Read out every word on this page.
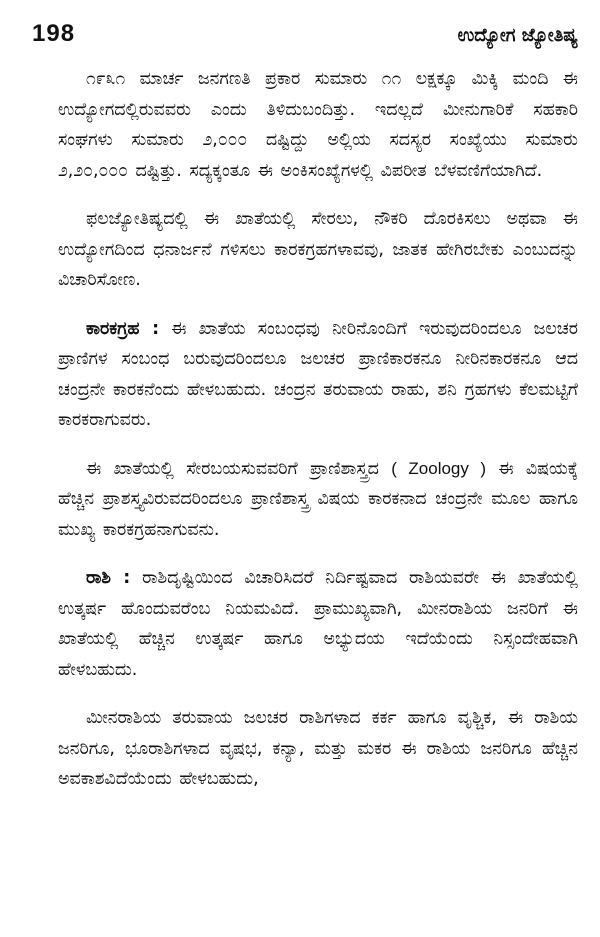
198	ಉದ್ಯೋಗ ಜ್ಯೋತಿಷ್ಯ

೧೯೩೧ ಮಾರ್ಚ ಜನಗಣತಿ ಪ್ರಕಾರ ಸುಮಾರು ೧೧ ಲಕ್ಷಕ್ಕೂ ಮಿಕ್ಕಿ ಮಂದಿ ಈ ಉದ್ಯೋಗದಲ್ಲಿರುವವರು ಎಂದು ತಿಳಿದುಬಂದಿತ್ತು. ಇದಲ್ಲದೆ ಮೀನುಗಾರಿಕೆ ಸಹಕಾರಿ ಸಂಘಗಳು ಸುಮಾರು ೨,೦೦೦ ದಷ್ಟಿದ್ದು ಅಲ್ಲಿಯ ಸದಸ್ಯರ ಸಂಖ್ಯೆಯು ಸುಮಾರು ೨,೨೦,೦೦೦ ದಷ್ಟಿತ್ತು. ಸದ್ಯಕ್ಕಂತೂ ಈ ಅಂಕಿಸಂಖ್ಯೆಗಳಲ್ಲಿ ವಿಪರೀತ ಬೆಳವಣಿಗೆಯಾಗಿದೆ.

ಫಲಜ್ಯೋತಿಷ್ಯದಲ್ಲಿ ಈ ಖಾತೆಯಲ್ಲಿ ಸೇರಲು, ನೌಕರಿ ದೊರಕಿಸಲು ಅಥವಾ ಈ ಉದ್ಯೋಗದಿಂದ ಧನಾರ್ಜನೆ ಗಳಿಸಲು ಕಾರಕಗ್ರಹಗಳಾವವು, ಜಾತಕ ಹೇಗಿರಬೇಕು ಎಂಬುದನ್ನು ವಿಚಾರಿಸೋಣ.

ಕಾರಕಗ್ರಹ : ಈ ಖಾತೆಯ ಸಂಬಂಧವು ನೀರಿನೊಂದಿಗೆ ಇರುವುದರಿಂದಲೂ ಜಲಚರ ಪ್ರಾಣಿಗಳ ಸಂಬಂಧ ಬರುವುದರಿಂದಲೂ ಜಲಚರ ಪ್ರಾಣಿಕಾರಕನೂ ನೀರಿನಕಾರಕನೂ ಆದ ಚಂದ್ರನೇ ಕಾರಕನೆಂದು ಹೇಳಬಹುದು. ಚಂದ್ರನ ತರುವಾಯ ರಾಹು, ಶನಿ ಗ್ರಹಗಳು ಕೆಲಮಟ್ಟಿಗೆ ಕಾರಕರಾಗುವರು.

ಈ ಖಾತೆಯಲ್ಲಿ ಸೇರಬಯಸುವವರಿಗೆ ಪ್ರಾಣಿಶಾಸ್ತ್ರದ ( Zoology ) ಈ ವಿಷಯಕ್ಕೆ ಹೆಚ್ಚಿನ ಪ್ರಾಶಸ್ತ್ಯವಿರುವದರಿಂದಲೂ ಪ್ರಾಣಿಶಾಸ್ತ್ರ ವಿಷಯ ಕಾರಕನಾದ ಚಂದ್ರನೇ ಮೂಲ ಹಾಗೂ ಮುಖ್ಯ ಕಾರಕಗ್ರಹನಾಗುವನು.

ರಾಶಿ : ರಾಶಿದೃಷ್ಟಿಯಿಂದ ವಿಚಾರಿಸಿದರೆ ನಿರ್ದಿಷ್ಟವಾದ ರಾಶಿಯವರೇ ಈ ಖಾತೆಯಲ್ಲಿ ಉತ್ಕರ್ಷ ಹೊಂದುವರೆಂಬ ನಿಯಮವಿದೆ. ಪ್ರಾಮುಖ್ಯವಾಗಿ, ಮೀನರಾಶಿಯ ಜನರಿಗೆ ಈ ಖಾತೆಯಲ್ಲಿ ಹೆಚ್ಚಿನ ಉತ್ಕರ್ಷ ಹಾಗೂ ಅಭ್ಯುದಯ ಇದೆಯೆಂದು ನಿಸ್ಸಂದೇಹವಾಗಿ ಹೇಳಬಹುದು.

ಮೀನರಾಶಿಯ ತರುವಾಯ ಜಲಚರ ರಾಶಿಗಳಾದ ಕರ್ಕ ಹಾಗೂ ವೃಶ್ಚಿಕ, ಈ ರಾಶಿಯ ಜನರಿಗೂ, ಭೂರಾಶಿಗಳಾದ ವೃಷಭ, ಕನ್ಯಾ, ಮತ್ತು ಮಕರ ಈ ರಾಶಿಯ ಜನರಿಗೂ ಹೆಚ್ಚಿನ ಅವಕಾಶವಿದೆಯೆಂದು ಹೇಳಬಹುದು,
